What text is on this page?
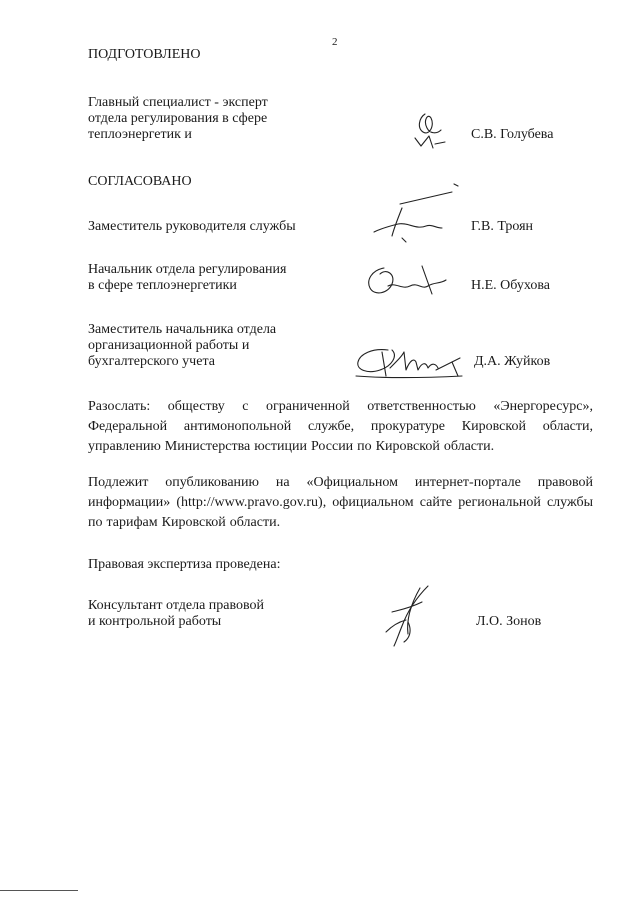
2
ПОДГОТОВЛЕНО
Главный специалист - эксперт
отдела регулирования в сфере
теплоэнергетик и	С.В. Голубева
СОГЛАСОВАНО
Заместитель руководителя службы	Г.В. Троян
Начальник отдела регулирования
в сфере теплоэнергетики	Н.Е. Обухова
Заместитель начальника отдела
организационной работы и
бухгалтерского учета	Д.А. Жуйков
Разослать: обществу с ограниченной ответственностью «Энергоресурс», Федеральной антимонопольной службе, прокуратуре Кировской области, управлению Министерства юстиции России по Кировской области.
Подлежит опубликованию на «Официальном интернет-портале правовой информации» (http://www.pravo.gov.ru), официальном сайте региональной службы по тарифам Кировской области.
Правовая экспертиза проведена:
Консультант отдела правовой
и контрольной работы	Л.О. Зонов
